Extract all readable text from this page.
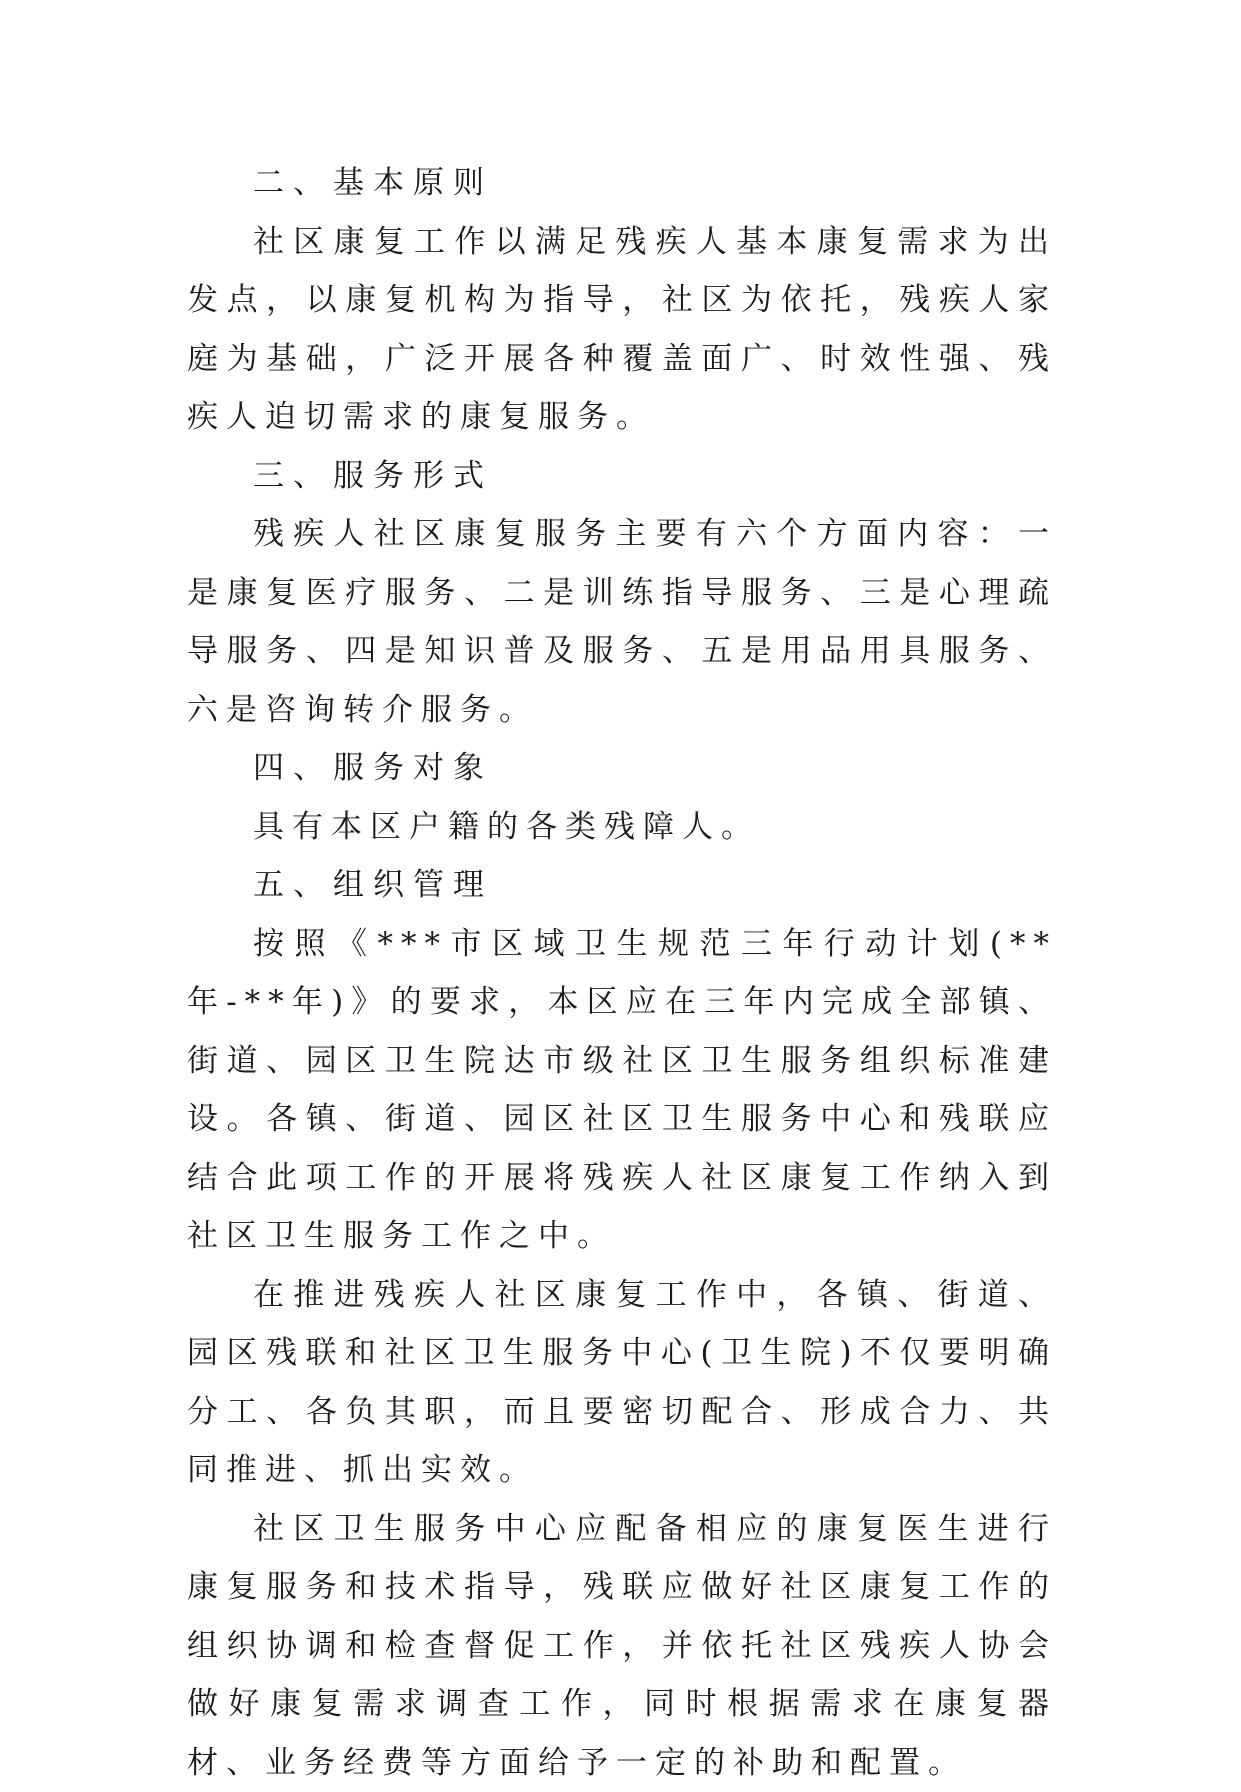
二、基本原则

社区康复工作以满足残疾人基本康复需求为出发点，以康复机构为指导，社区为依托，残疾人家庭为基础，广泛开展各种覆盖面广、时效性强、残疾人迫切需求的康复服务。

三、服务形式

残疾人社区康复服务主要有六个方面内容：一是康复医疗服务、二是训练指导服务、三是心理疏导服务、四是知识普及服务、五是用品用具服务、六是咨询转介服务。

四、服务对象

具有本区户籍的各类残障人。

五、组织管理

按照《***市区域卫生规范三年行动计划(**年-**年)》的要求，本区应在三年内完成全部镇、街道、园区卫生院达市级社区卫生服务组织标准建设。各镇、街道、园区社区卫生服务中心和残联应结合此项工作的开展将残疾人社区康复工作纳入到社区卫生服务工作之中。

在推进残疾人社区康复工作中，各镇、街道、园区残联和社区卫生服务中心(卫生院)不仅要明确分工、各负其职，而且要密切配合、形成合力、共同推进、抓出实效。

社区卫生服务中心应配备相应的康复医生进行康复服务和技术指导，残联应做好社区康复工作的组织协调和检查督促工作，并依托社区残疾人协会做好康复需求调查工作，同时根据需求在康复器材、业务经费等方面给予一定的补助和配置。
